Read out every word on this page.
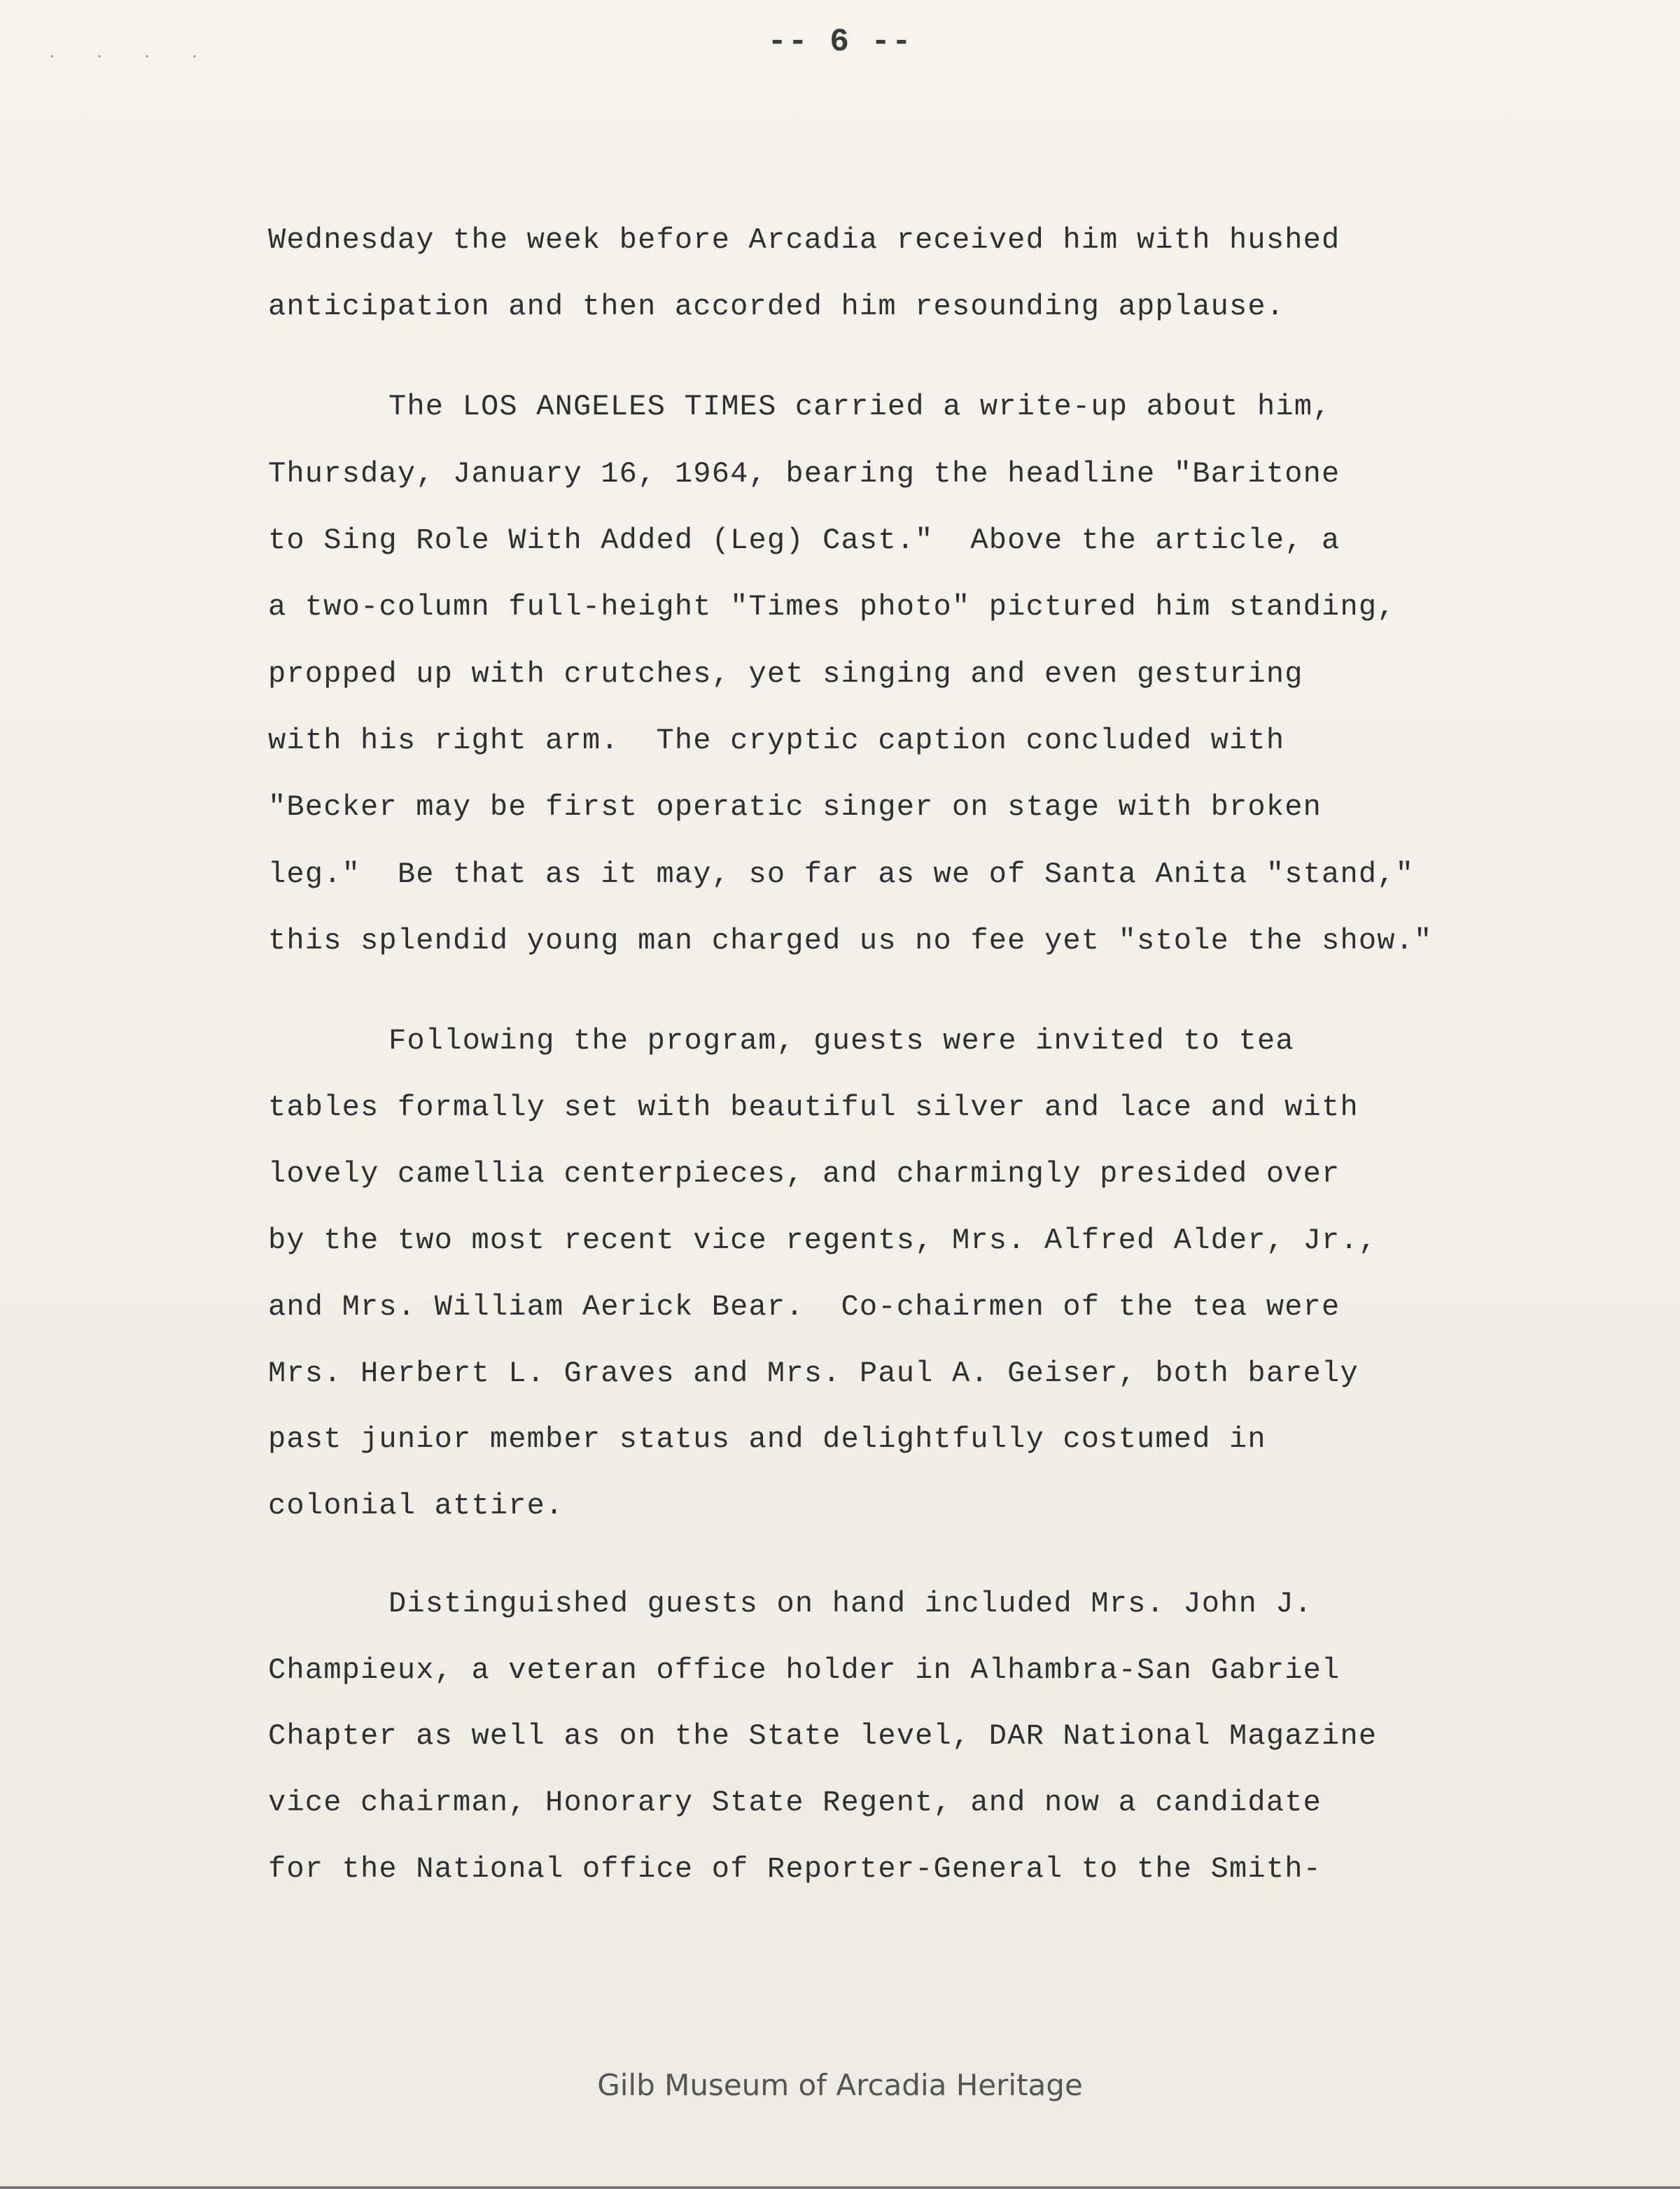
. . . .	-- 6 --
Wednesday the week before Arcadia received him with hushed
anticipation and then accorded him resounding applause.
The LOS ANGELES TIMES carried a write-up about him,
Thursday, January 16, 1964, bearing the headline "Baritone
to Sing Role With Added (Leg) Cast."  Above the article, a
a two-column full-height "Times photo" pictured him standing,
propped up with crutches, yet singing and even gesturing
with his right arm.  The cryptic caption concluded with
"Becker may be first operatic singer on stage with broken
leg."  Be that as it may, so far as we of Santa Anita "stand,"
this splendid young man charged us no fee yet "stole the show."
Following the program, guests were invited to tea
tables formally set with beautiful silver and lace and with
lovely camellia centerpieces, and charmingly presided over
by the two most recent vice regents, Mrs. Alfred Alder, Jr.,
and Mrs. William Aerick Bear.  Co-chairmen of the tea were
Mrs. Herbert L. Graves and Mrs. Paul A. Geiser, both barely
past junior member status and delightfully costumed in
colonial attire.
Distinguished guests on hand included Mrs. John J.
Champieux, a veteran office holder in Alhambra-San Gabriel
Chapter as well as on the State level, DAR National Magazine
vice chairman, Honorary State Regent, and now a candidate
for the National office of Reporter-General to the Smith-
Gilb Museum of Arcadia Heritage
